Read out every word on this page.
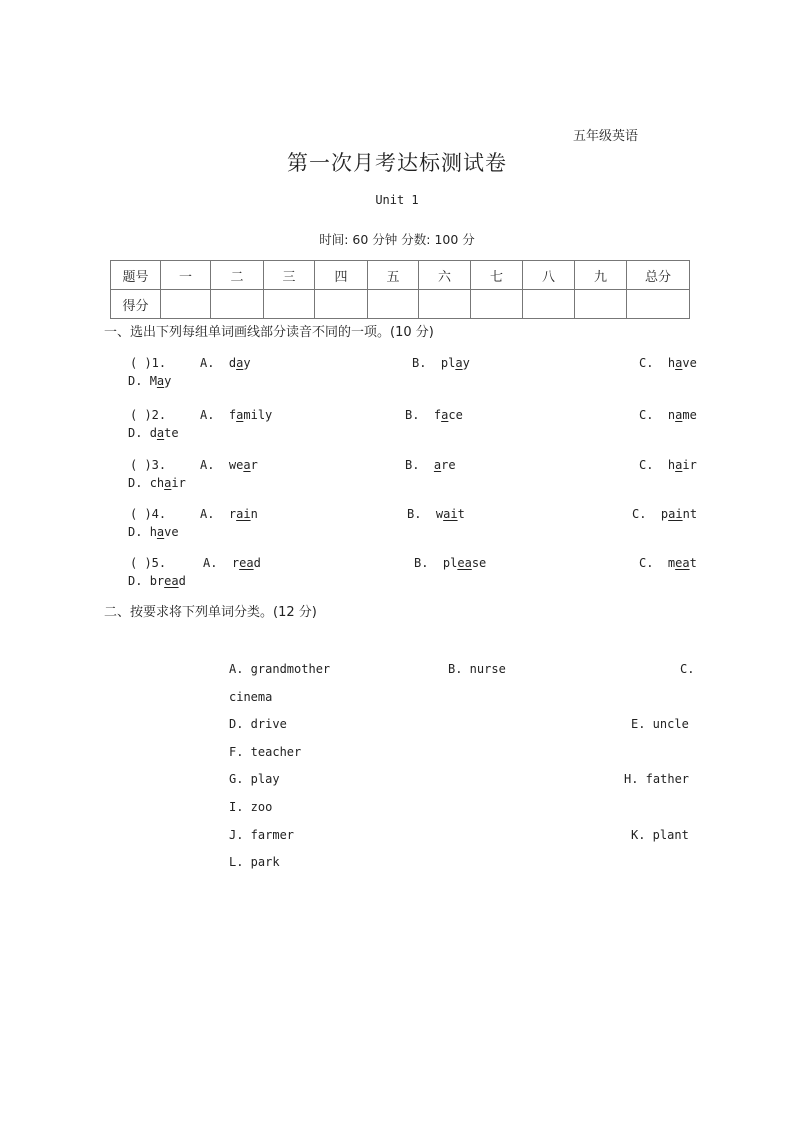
五年级英语
第一次月考达标测试卷
Unit 1
时间: 60 分钟 分数: 100 分
题号	一	二	三	四	五	六	七	八	九	总分
得分										
一、选出下列每组单词画线部分读音不同的一项。(10 分)
( )1.	A. day	B. play	C. have
D. May
( )2.	A. family	B. face	C. name
D. date
( )3.	A. wear	B. are	C. hair
D. chair
( )4.	A. rain	B. wait	C. paint
D. have
( )5.	A. read	B. please	C. meat
D. bread
二、按要求将下列单词分类。(12 分)
A. grandmother	B. nurse	C.
cinema
D. drive	E. uncle
F. teacher
G. play	H. father
I. zoo
J. farmer	K. plant
L. park
